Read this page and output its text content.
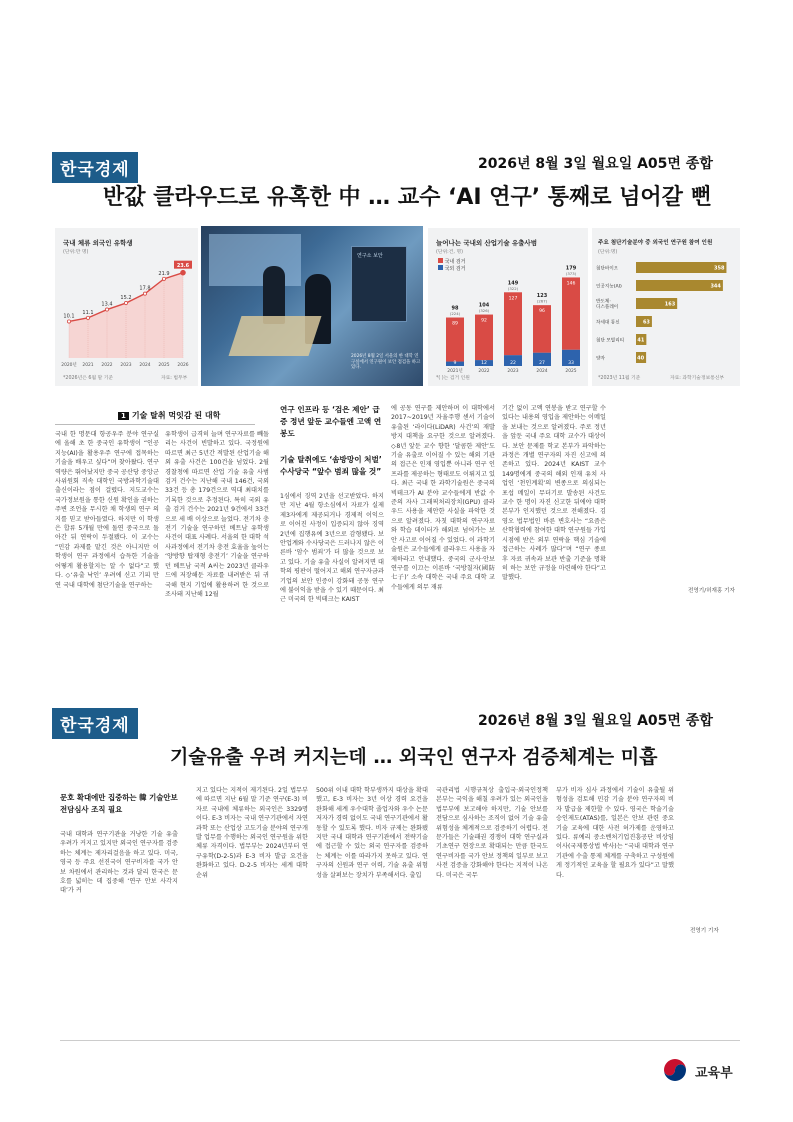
한국경제	2026년 8월 3일 월요일 A05면 종합
반값 클라우드로 유혹한 中 … 교수 ‘AI 연구’ 통째로 넘어갈 뻔
국내 체류 외국인 유학생
(단위:만 명)
10.1
2020년
11.1
2021
13.4
2022
15.2
2023
17.8
2024
21.9
2025
23.6
2026
*2026년은 6월 말 기준	자료: 법무부
연구소 보안
2026년 8월 2일 서울의 한 대학 연구실에서 연구원이 보안 점검을 하고 있다.
늘어나는 국내외 산업기술 유출사범
(단위:건, 명)
국내 검거
국외 검거
9
89
98
(224)
2021년
12
92
104
(326)
2022
22
127
149
(322)
2023
27
96
123
(267)
2024
33
146
179
(373)
2025
*( )는 검거 인원
주요 첨단기술분야 중 외국인 연구원 참여 인원
(단위:명)
첨단바이오	358
인공지능(AI)	344
반도체·
디스플레이	163
차세대 통신	63
첨단 모빌리티	41
양자	40
*2023년 11월 기준	자료: 과학기술정보통신부
1 기술 탈취 먹잇감 된 대학
국내 한 명문대 항공우주 분야 연구실에 올해 초 한 중국인 유학생이 “인공지능(AI)을 활용우주 연구에 접목하는 기술을 배우고 싶다”며 찾아왔다. 연구 역량은 뛰어났지만 중국 공산당 중앙군사위원회 직속 대학인 국방과학기술대 출신이라는 점이 걸렸다. 지도교수는 국가정보원을 통한 신원 확인을 권하는 주변 조언을 무시한 채 학생의 연구 의지를 믿고 받아들였다. 하지만 이 학생은 합류 5개월 만에 돌연 중국으로 돌아간 뒤 연락이 두절됐다. 이 교수는 “민감 과제를 맡긴 것은 아니지만 이 학생이 연구 과정에서 습득한 기술을 어떻게 활용할지는 알 수 없다”고 했다. ◇‘유출 낙인’ 우려에 신고 기피 만연 국내 대학에 첨단기술을 연구하는
유학생이 급격히 늘며 연구자료를 빼돌리는 사건이 빈발하고 있다. 국정원에 따르면 최근 5년간 적발된 산업기술 해외 유출 사건은 100건을 넘었다. 2월 경찰청에 따르면 산업 기술 유출 사범 검거 건수는 지난해 국내 146건, 국외 33건 등 총 179건으로 역대 최대치를 기록한 것으로 추정된다. 특히 국외 유출 검거 건수는 2021년 9건에서 33건으로 세 배 이상으로 늘었다. 전기차 충전기 기술을 연구하던 베트남 유학생 사건이 대표 사례다. 서울의 한 대학 석사과정에서 전기차 충전 효율을 높이는 ‘양방향 탑재형 충전기’ 기술을 연구하던 베트남 국적 A씨는 2023년 클라우드에 저장해둔 자료를 내려받은 뒤 귀국해 현지 기업에 활용하려 한 것으로 조사돼 지난해 12월
연구 인프라 등 ‘검은 제안’ 급증 정년 앞둔 교수들엔 고액 연봉도
기술 탈취에도 ‘솜방망이 처벌’ 수사당국 “앞수 범죄 많을 것”
1심에서 징역 2년을 선고받았다. 하지만 지난 4월 항소심에서 자료가 실제 제3자에게 제공되거나 경제적 이익으로 이어진 사정이 입증되지 않아 징역 2년에 집행유예 3년으로 감형됐다. 보안업계와 수사당국은 드러나지 않은 이른바 ‘암수 범죄’가 더 많을 것으로 보고 있다. 기술 유출 사실이 알려지면 대학의 평판이 떨어지고 해외 연구자금과 기업의 보안 인증이 강화돼 공동 연구에 불이익을 받을 수 있기 때문이다. 최근 미국의 한 빅테크는 KAIST
에 공동 연구를 제안하며 이 대학에서 2017~2019년 자율주행 센서 기술이 유출된 ‘라이다(LiDAR) 사건’의 재발 방지 대책을 요구한 것으로 알려졌다. ◇8년 앞둔 교수 향한 ‘달콤한 제안’도 기술 유출로 이어질 수 있는 해외 기관의 접근은 인재 영입뿐 아니라 연구 인프라를 제공하는 형태로도 이뤄지고 있다. 최근 국내 한 과학기술원은 중국의 빅테크가 AI 분야 교수들에게 반값 수준의 자사 그래픽처리장치(GPU) 클라우드 사용을 제안한 사실을 파악한 것으로 알려졌다. 자칫 대학의 연구자료와 학습 데이터가 해외로 넘어가는 보안 사고로 이어질 수 있었다. 이 과학기술원은 교수들에게 클라우드 사용을 자제하라고 안내했다. 중국의 군사·안보 연구를 이끄는 이른바 ‘국방칠자(國防七子)’ 소속 대학은 국내 주요 대학 교수들에게 의무 재류
기간 없이 고액 연봉을 받고 연구할 수 있다는 내용의 영입을 제안하는 이메일을 보내는 것으로 알려졌다. 주로 정년을 앞둔 국내 주요 대학 교수가 대상이다. 보안 문제를 학교 본부가 파악하는 과정은 개별 연구자의 자진 신고에 의존하고 있다. 2024년 KAIST 교수 149명에게 중국의 해외 인재 유치 사업인 ‘천인계획’의 변종으로 의심되는 포섭 메일이 무더기로 발송된 사건도 교수 한 명이 자진 신고한 뒤에야 대학 본부가 인지했던 것으로 전해졌다. 김영오 법무법인 바른 변호사는 “요즘은 산학협력에 참여한 대학 연구원들 가입 시점에 받은 외부 연락을 핵심 기술에 접근하는 사례가 많다”며 “연구 종료 후 자료 귀속과 보관 반출 기준을 명확히 하는 보안 규정을 마련해야 한다”고 말했다.
전영기/허재홍 기자
한국경제	2026년 8월 3일 월요일 A05면 종합
기술유출 우려 커지는데 … 외국인 연구자 검증체계는 미흡
문호 확대에만 집중하는 韓 기술안보 전담심사 조직 필요
국내 대학과 연구기관을 거낭한 기술 유출 우려가 커지고 있지만 외국인 연구자를 검증하는 체계는 제자리걸음을 하고 있다. 미국, 영국 등 주요 선진국이 연구비자를 국가 안보 차원에서 관리하는 것과 달리 한국은 문호를 넓히는 데 집중해 ‘연구 안보 사각지대’가 커
지고 있다는 지적이 제기된다. 2일 법무부에 따르면 지난 6월 말 기준 연구(E-3) 비자로 국내에 체류하는 외국인은 3329명이다. E-3 비자는 국내 연구기관에서 자연과학 또는 산업상 고도기술 분야의 연구개발 업무를 수행하는 외국인 연구원을 위한 체류 자격이다. 법무부는 2024년부터 연구유학(D-2-5)과 E-3 비자 발급 요건을 완화하고 있다. D-2-5 비자는 세계 대학순위
500위 이내 대학 학부생까지 대상을 확대했고, E-3 비자는 3년 이상 경력 요건을 완화해 세계 우수대학 졸업자와 우수 논문 저자가 경력 없이도 국내 연구기관에서 활동할 수 있도록 했다. 비자 규제는 완화됐지만 국내 대학과 연구기관에서 전략기술에 접근할 수 있는 외국 연구자를 검증하는 체계는 이를 따라가지 못하고 있다. 연구자의 신원과 연구 이력, 기술 유출 위험성을 살펴보는 장치가 부족해서다. 출입
국관리법 시행규칙상 출입국·외국인정책 본부는 국익을 해칠 우려가 있는 외국인을 법무부에 보고해야 하지만, 기술 안보를 전담으로 심사하는 조직이 없어 기술 유출 위험성을 체계적으로 검증하기 어렵다. 전문가들은 기술패권 경쟁이 대학 연구실과 기초연구 현장으로 확대되는 만큼 한국도 연구비자를 국가 안보 정책의 일부로 보고 사전 검증을 강화해야 한다는 지적이 나온다. 미국은 국무
부가 비자 심사 과정에서 기술이 유출될 위험성을 검토해 민감 기술 분야 연구자의 비자 발급을 제한할 수 있다. 영국은 학술기술승인제도(ATAS)를, 일본은 안보 관련 중요 기술 교육에 대한 사전 허가제를 운영하고 있다. 류예리 중소벤처기업진흥공단 비상임이사(국제통상법 박사)는 “국내 대학과 연구기관에 수출 통제 체계를 구축하고 구성원에게 정기적인 교육을 할 필요가 있다”고 말했다.
전영기 기자
교육부
